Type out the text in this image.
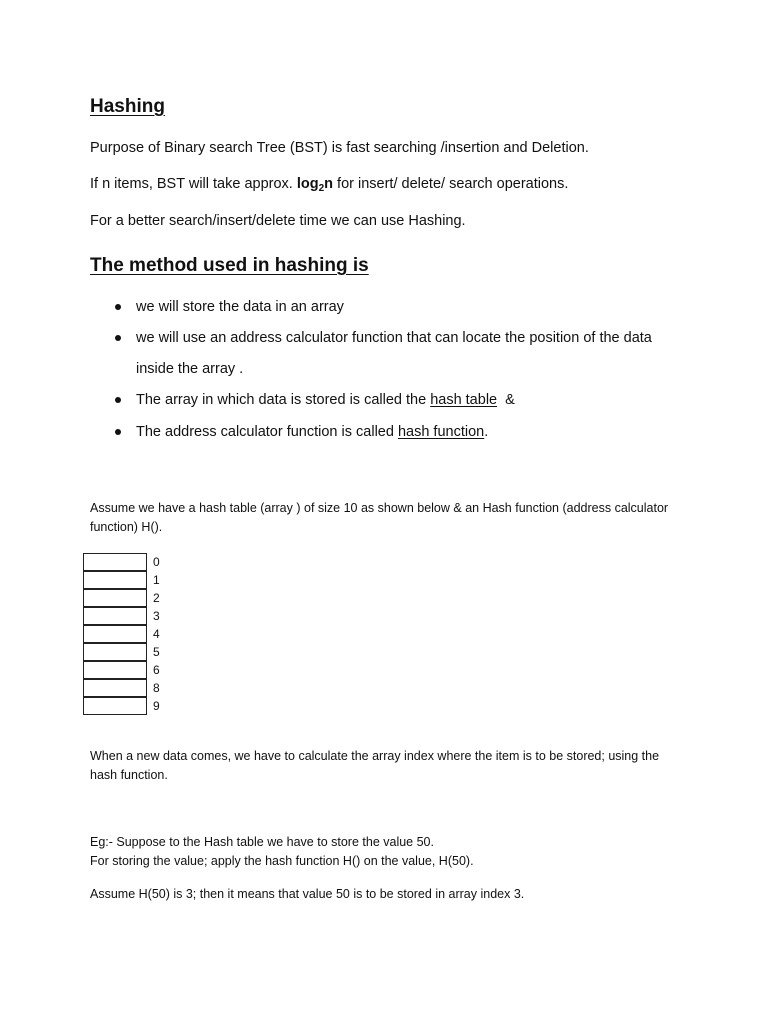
Hashing
Purpose of Binary search Tree (BST) is fast searching /insertion and Deletion.
If n items, BST will take approx. $\log_2n$ for insert/ delete/ search operations.
For a better search/insert/delete time we can use Hashing.
The method used in hashing is
we will store the data in an array
we will use an address calculator function that can locate the position of the data
inside the array .
The array in which data is stored is called the hash table &
The address calculator function is called hash function.
Assume we have a hash table (array ) of size 10 as shown below & an Hash function (address calculator
function) H().
0
1
2
3
4
5
6
8
9
When a new data comes, we have to calculate the array index where the item is to be stored; using the
hash function.
Eg:- Suppose to the Hash table we have to store the value 50.
For storing the value; apply the hash function H() on the value, H(50).
Assume H(50) is 3; then it means that value 50 is to be stored in array index 3.
